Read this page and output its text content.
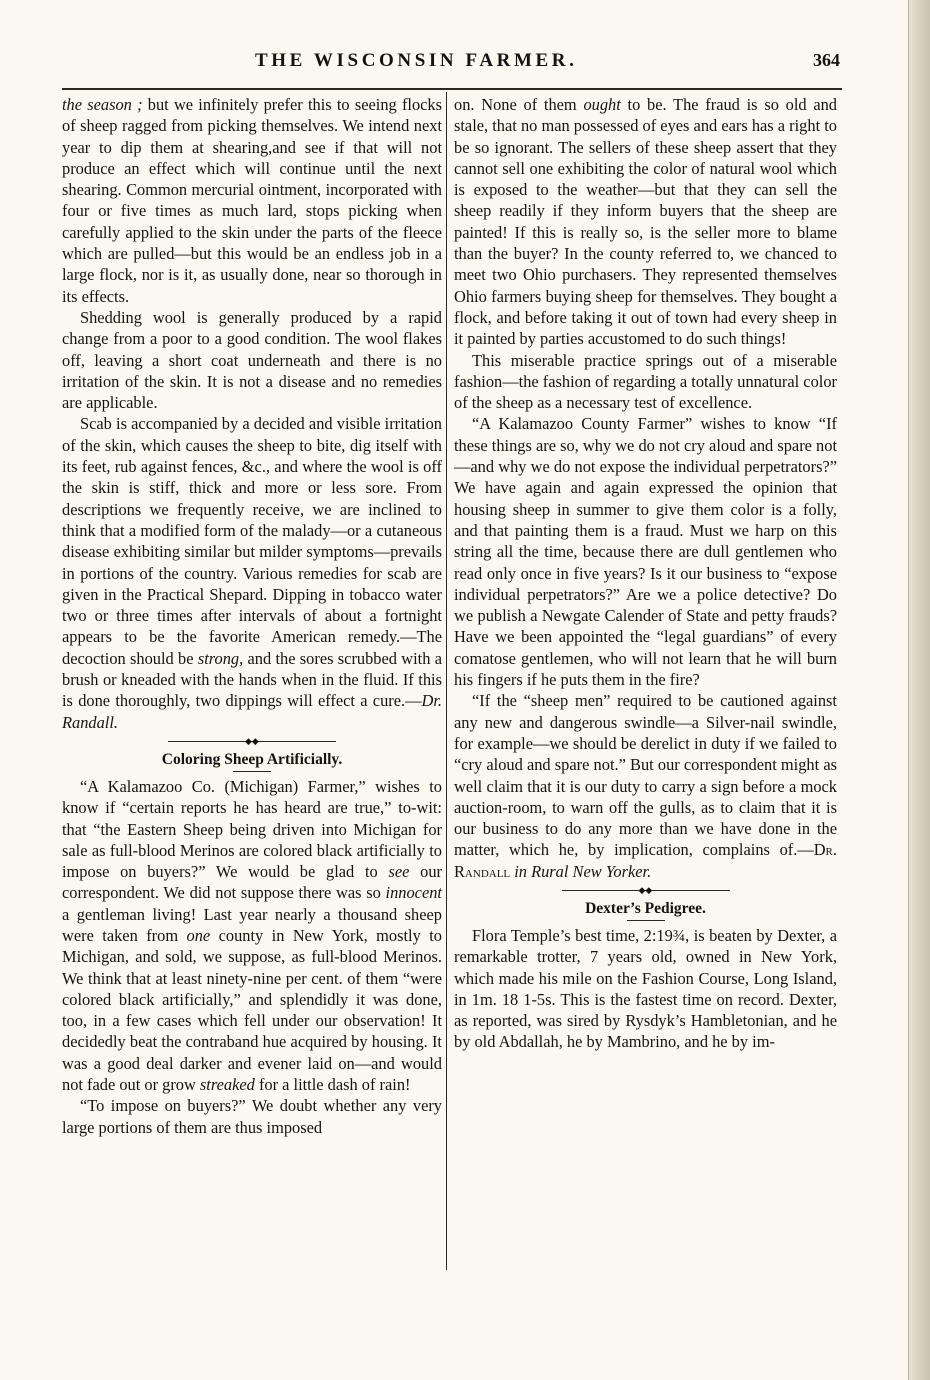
THE WISCONSIN FARMER.	364

the season ; but we infinitely prefer this to seeing flocks of sheep ragged from picking themselves. We intend next year to dip them at shearing,and see if that will not produce an effect which will continue until the next shearing. Common mercurial ointment, incorporated with four or five times as much lard, stops picking when carefully applied to the skin under the parts of the fleece which are pulled—but this would be an endless job in a large flock, nor is it, as usually done, near so thorough in its effects.

Shedding wool is generally produced by a rapid change from a poor to a good condition. The wool flakes off, leaving a short coat underneath and there is no irritation of the skin. It is not a disease and no remedies are applicable.

Scab is accompanied by a decided and visible irritation of the skin, which causes the sheep to bite, dig itself with its feet, rub against fences, &c., and where the wool is off the skin is stiff, thick and more or less sore. From descriptions we frequently receive, we are inclined to think that a modified form of the malady—or a cutaneous disease exhibiting similar but milder symptoms—prevails in portions of the country. Various remedies for scab are given in the Practical Shepard. Dipping in tobacco water two or three times after intervals of about a fortnight appears to be the favorite American remedy.—The decoction should be strong, and the sores scrubbed with a brush or kneaded with the hands when in the fluid. If this is done thoroughly, two dippings will effect a cure.—Dr. Randall.

◆◆

Coloring Sheep Artificially.

“A Kalamazoo Co. (Michigan) Farmer,” wishes to know if “certain reports he has heard are true,” to-wit: that “the Eastern Sheep being driven into Michigan for sale as full-blood Merinos are colored black artificially to impose on buyers?” We would be glad to see our correspondent. We did not suppose there was so innocent a gentleman living! Last year nearly a thousand sheep were taken from one county in New York, mostly to Michigan, and sold, we suppose, as full-blood Merinos. We think that at least ninety-nine per cent. of them “were colored black artificially,” and splendidly it was done, too, in a few cases which fell under our observation! It decidedly beat the contraband hue acquired by housing. It was a good deal darker and evener laid on—and would not fade out or grow streaked for a little dash of rain!

“To impose on buyers?” We doubt whether any very large portions of them are thus imposed

on. None of them ought to be. The fraud is so old and stale, that no man possessed of eyes and ears has a right to be so ignorant. The sellers of these sheep assert that they cannot sell one exhibiting the color of natural wool which is exposed to the weather—but that they can sell the sheep readily if they inform buyers that the sheep are painted! If this is really so, is the seller more to blame than the buyer? In the county referred to, we chanced to meet two Ohio purchasers. They represented themselves Ohio farmers buying sheep for themselves. They bought a flock, and before taking it out of town had every sheep in it painted by parties accustomed to do such things!

This miserable practice springs out of a miserable fashion—the fashion of regarding a totally unnatural color of the sheep as a necessary test of excellence.

“A Kalamazoo County Farmer” wishes to know “If these things are so, why we do not cry aloud and spare not—and why we do not expose the individual perpetrators?” We have again and again expressed the opinion that housing sheep in summer to give them color is a folly, and that painting them is a fraud. Must we harp on this string all the time, because there are dull gentlemen who read only once in five years? Is it our business to “expose individual perpetrators?” Are we a police detective? Do we publish a Newgate Calender of State and petty frauds? Have we been appointed the “legal guardians” of every comatose gentlemen, who will not learn that he will burn his fingers if he puts them in the fire?

“If the “sheep men” required to be cautioned against any new and dangerous swindle—a Silver-nail swindle, for example—we should be derelict in duty if we failed to “cry aloud and spare not.” But our correspondent might as well claim that it is our duty to carry a sign before a mock auction-room, to warn off the gulls, as to claim that it is our business to do any more than we have done in the matter, which he, by implication, complains of.—Dr. Randall in Rural New Yorker.

◆◆

Dexter’s Pedigree.

Flora Temple’s best time, 2:19¾, is beaten by Dexter, a remarkable trotter, 7 years old, owned in New York, which made his mile on the Fashion Course, Long Island, in 1m. 18 1-5s. This is the fastest time on record. Dexter, as reported, was sired by Rysdyk’s Hambletonian, and he by old Abdallah, he by Mambrino, and he by im-
